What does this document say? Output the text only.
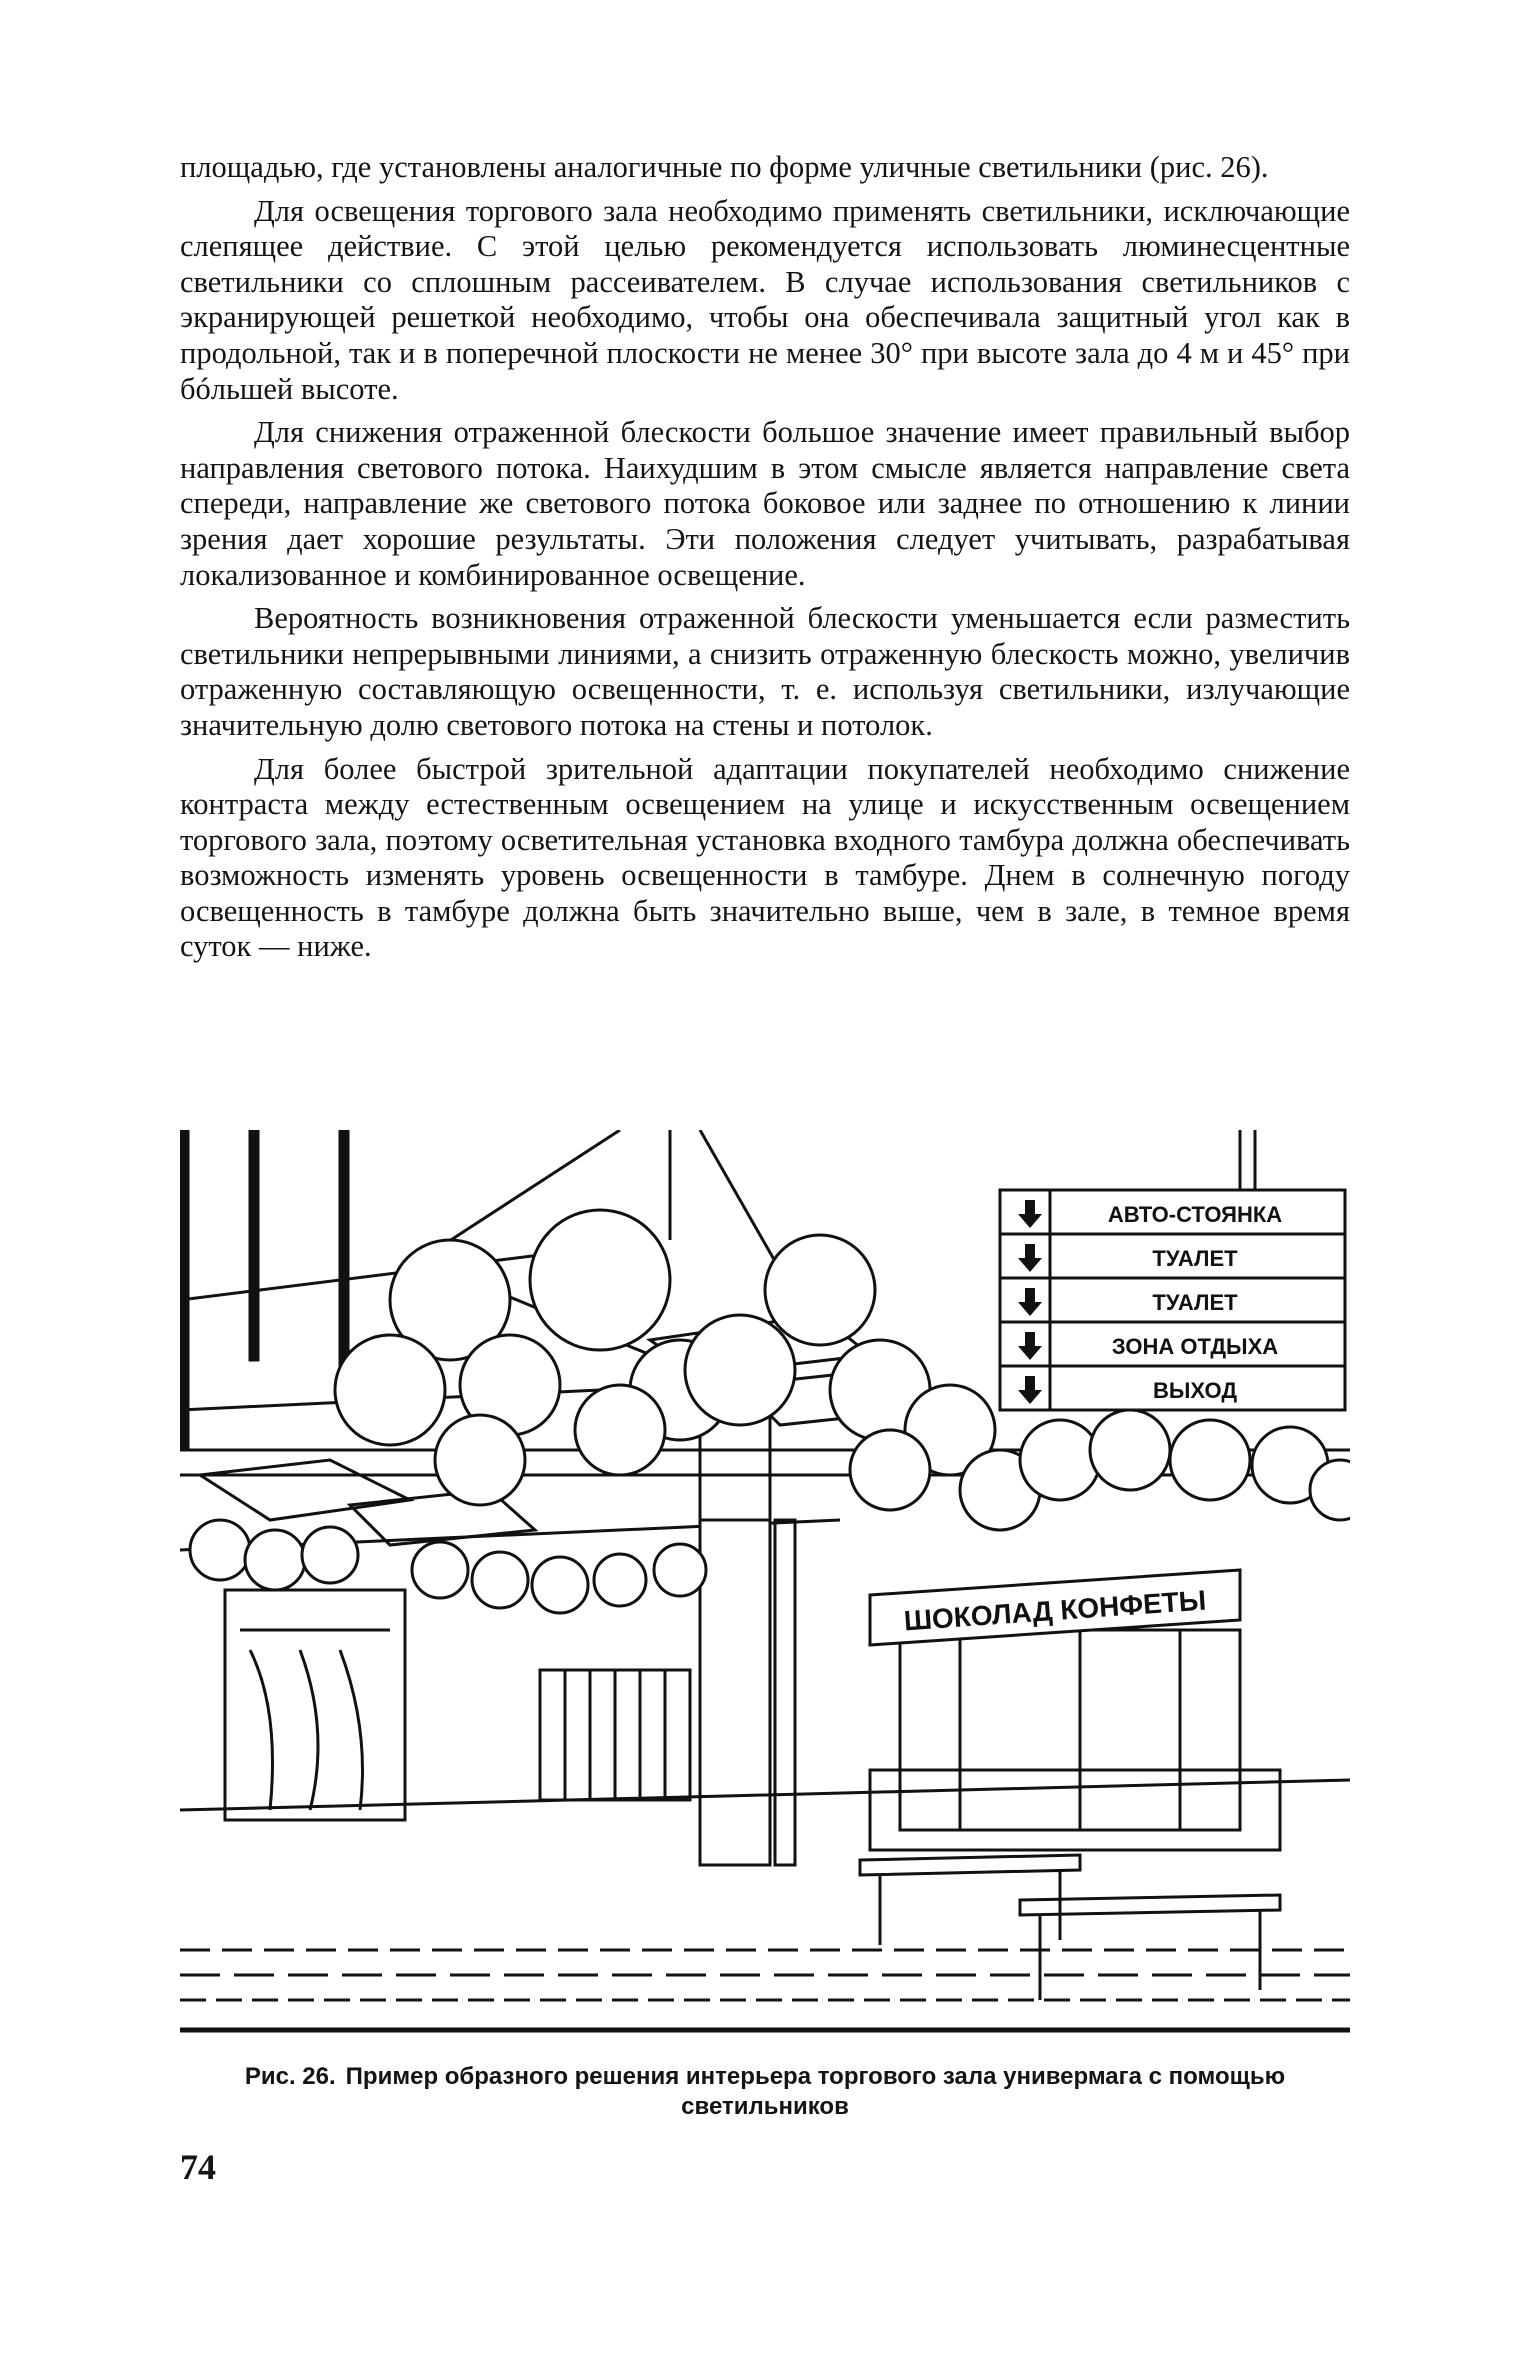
площадью, где установлены аналогичные по форме уличные светильники (рис. 26).

Для освещения торгового зала необходимо применять светильники, исключающие слепящее действие. С этой целью рекомендуется использовать люминесцентные светильники со сплошным рассеивателем. В случае использования светильников с экранирующей решеткой необходимо, чтобы она обеспечивала защитный угол как в продольной, так и в поперечной плоскости не менее 30° при высоте зала до 4 м и 45° при бóльшей высоте.

Для снижения отраженной блескости большое значение имеет правильный выбор направления светового потока. Наихудшим в этом смысле является направление света спереди, направление же светового потока боковое или заднее по отношению к линии зрения дает хорошие результаты. Эти положения следует учитывать, разрабатывая локализованное и комбинированное освещение.

Вероятность возникновения отраженной блескости уменьшается если разместить светильники непрерывными линиями, а снизить отраженную блескость можно, увеличив отраженную составляющую освещенности, т. е. используя светильники, излучающие значительную долю светового потока на стены и потолок.

Для более быстрой зрительной адаптации покупателей необходимо снижение контраста между естественным освещением на улице и искусственным освещением торгового зала, поэтому осветительная установка входного тамбура должна обеспечивать возможность изменять уровень освещенности в тамбуре. Днем в солнечную погоду освещенность в тамбуре должна быть значительно выше, чем в зале, в темное время суток — ниже.

АВТО-СТОЯНКА
ТУАЛЕТ
ТУАЛЕТ
ЗОНА ОТДЫХА
ВЫХОД
ШОКОЛАД КОНФЕТЫ
Рис. 26. Пример образного решения интерьера торгового зала универмага с помощью светильников
74
